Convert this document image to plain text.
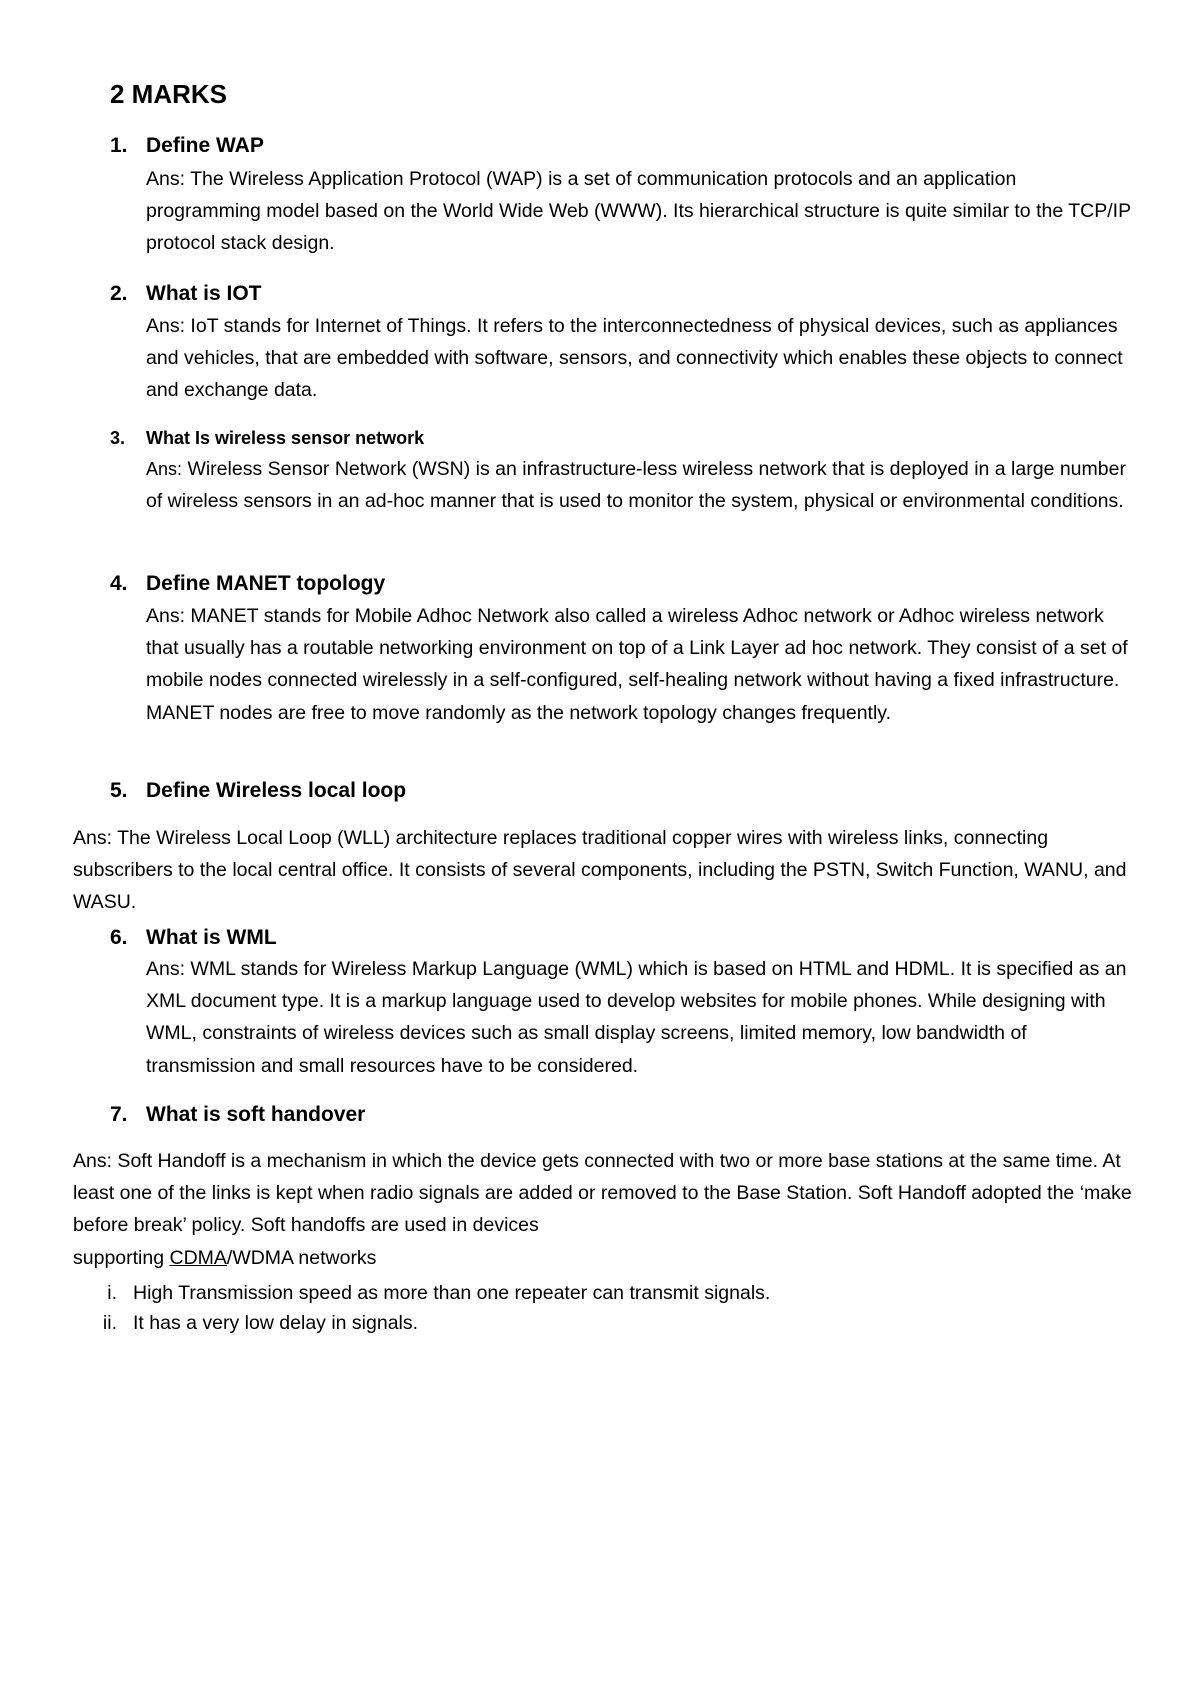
2 MARKS
1. Define WAP
Ans: The Wireless Application Protocol (WAP) is a set of communication protocols and an application programming model based on the World Wide Web (WWW). Its hierarchical structure is quite similar to the TCP/IP protocol stack design.
2. What is IOT
Ans: IoT stands for Internet of Things. It refers to the interconnectedness of physical devices, such as appliances and vehicles, that are embedded with software, sensors, and connectivity which enables these objects to connect and exchange data.
3. What Is wireless sensor network
Ans: Wireless Sensor Network (WSN) is an infrastructure-less wireless network that is deployed in a large number of wireless sensors in an ad-hoc manner that is used to monitor the system, physical or environmental conditions.
4. Define MANET topology
Ans: MANET stands for Mobile Adhoc Network also called a wireless Adhoc network or Adhoc wireless network that usually has a routable networking environment on top of a Link Layer ad hoc network. They consist of a set of mobile nodes connected wirelessly in a self-configured, self-healing network without having a fixed infrastructure. MANET nodes are free to move randomly as the network topology changes frequently.
5. Define Wireless local loop
Ans: The Wireless Local Loop (WLL) architecture replaces traditional copper wires with wireless links, connecting subscribers to the local central office. It consists of several components, including the PSTN, Switch Function, WANU, and WASU.
6. What is WML
Ans: WML stands for Wireless Markup Language (WML) which is based on HTML and HDML. It is specified as an XML document type. It is a markup language used to develop websites for mobile phones. While designing with WML, constraints of wireless devices such as small display screens, limited memory, low bandwidth of transmission and small resources have to be considered.
7. What is soft handover
Ans: Soft Handoff is a mechanism in which the device gets connected with two or more base stations at the same time. At least one of the links is kept when radio signals are added or removed to the Base Station. Soft Handoff adopted the ‘make before break’ policy. Soft handoffs are used in devices
supporting CDMA/WDMA networks
i. High Transmission speed as more than one repeater can transmit signals.
ii. It has a very low delay in signals.
